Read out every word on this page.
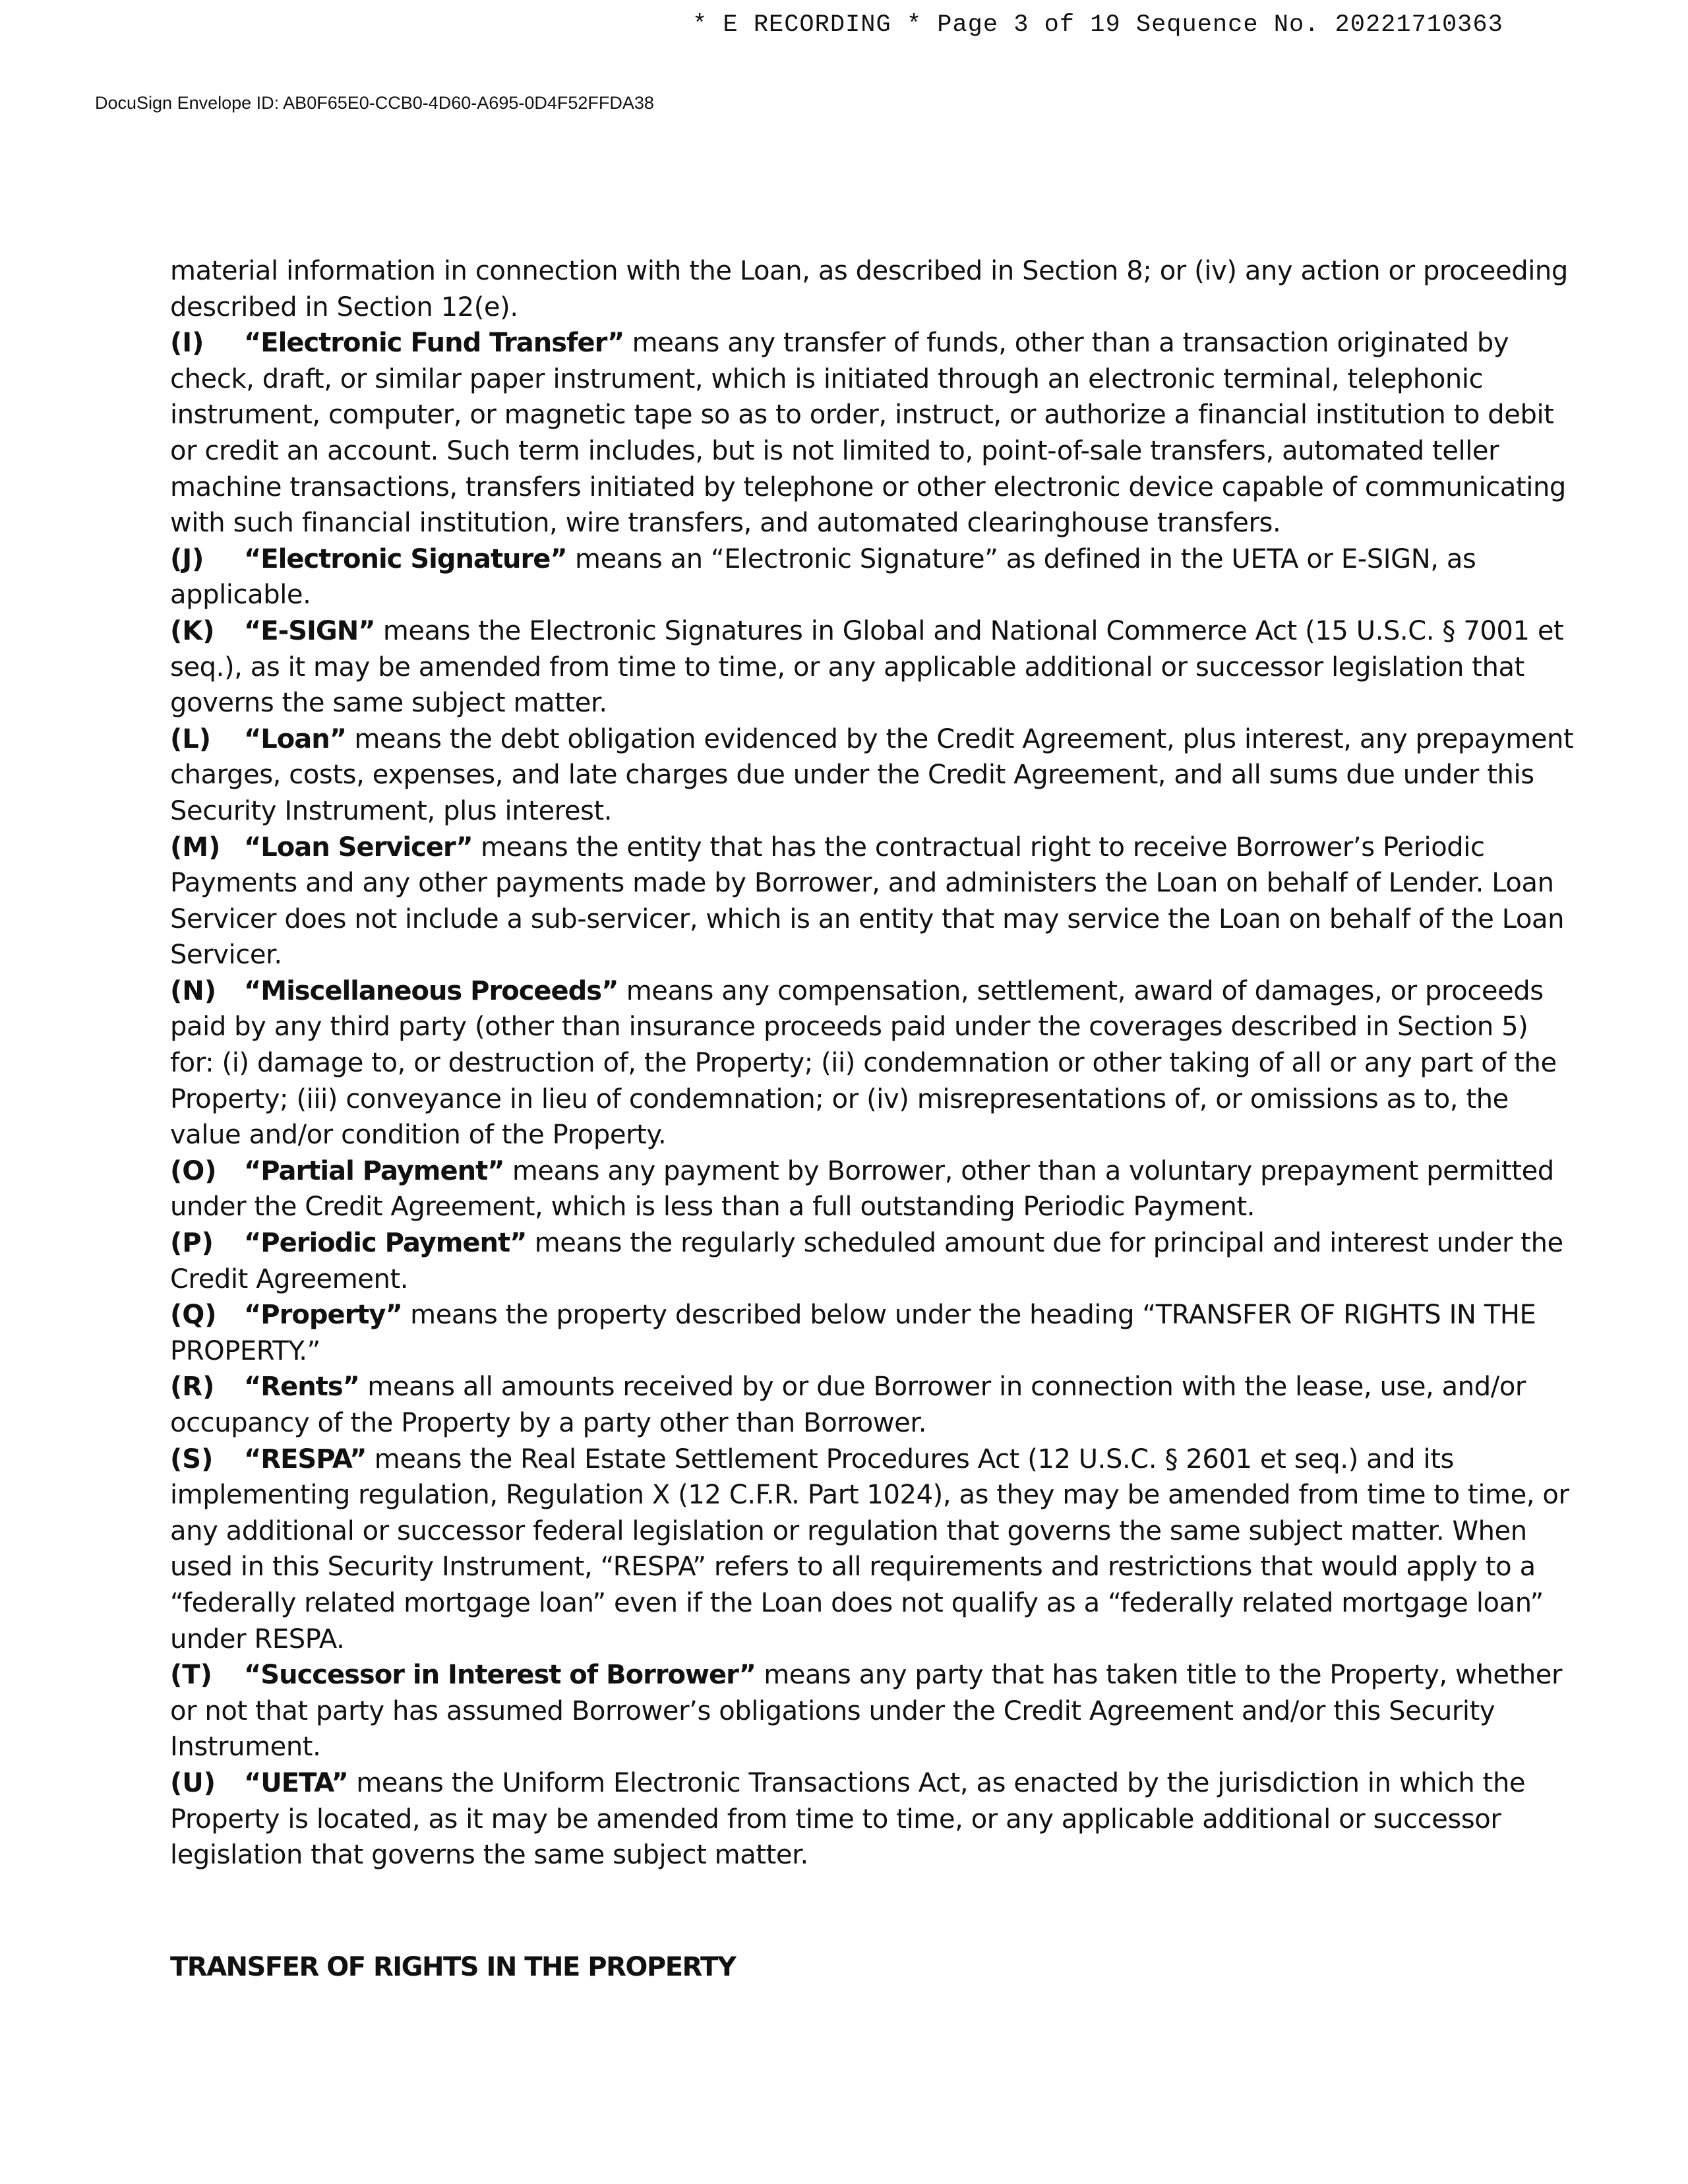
* E RECORDING * Page 3 of 19 Sequence No. 20221710363
DocuSign Envelope ID: AB0F65E0-CCB0-4D60-A695-0D4F52FFDA38

material information in connection with the Loan, as described in Section 8; or (iv) any action or proceeding described in Section 12(e).

(I) “Electronic Fund Transfer” means any transfer of funds, other than a transaction originated by check, draft, or similar paper instrument, which is initiated through an electronic terminal, telephonic instrument, computer, or magnetic tape so as to order, instruct, or authorize a financial institution to debit or credit an account. Such term includes, but is not limited to, point-of-sale transfers, automated teller machine transactions, transfers initiated by telephone or other electronic device capable of communicating with such financial institution, wire transfers, and automated clearinghouse transfers.

(J) “Electronic Signature” means an “Electronic Signature” as defined in the UETA or E-SIGN, as applicable.

(K) “E-SIGN” means the Electronic Signatures in Global and National Commerce Act (15 U.S.C. § 7001 et seq.), as it may be amended from time to time, or any applicable additional or successor legislation that governs the same subject matter.

(L) “Loan” means the debt obligation evidenced by the Credit Agreement, plus interest, any prepayment charges, costs, expenses, and late charges due under the Credit Agreement, and all sums due under this Security Instrument, plus interest.

(M) “Loan Servicer” means the entity that has the contractual right to receive Borrower’s Periodic Payments and any other payments made by Borrower, and administers the Loan on behalf of Lender. Loan Servicer does not include a sub-servicer, which is an entity that may service the Loan on behalf of the Loan Servicer.

(N) “Miscellaneous Proceeds” means any compensation, settlement, award of damages, or proceeds paid by any third party (other than insurance proceeds paid under the coverages described in Section 5) for: (i) damage to, or destruction of, the Property; (ii) condemnation or other taking of all or any part of the Property; (iii) conveyance in lieu of condemnation; or (iv) misrepresentations of, or omissions as to, the value and/or condition of the Property.

(O) “Partial Payment” means any payment by Borrower, other than a voluntary prepayment permitted under the Credit Agreement, which is less than a full outstanding Periodic Payment.

(P) “Periodic Payment” means the regularly scheduled amount due for principal and interest under the Credit Agreement.

(Q) “Property” means the property described below under the heading “TRANSFER OF RIGHTS IN THE PROPERTY.”

(R) “Rents” means all amounts received by or due Borrower in connection with the lease, use, and/or occupancy of the Property by a party other than Borrower.

(S) “RESPA” means the Real Estate Settlement Procedures Act (12 U.S.C. § 2601 et seq.) and its implementing regulation, Regulation X (12 C.F.R. Part 1024), as they may be amended from time to time, or any additional or successor federal legislation or regulation that governs the same subject matter. When used in this Security Instrument, “RESPA” refers to all requirements and restrictions that would apply to a “federally related mortgage loan” even if the Loan does not qualify as a “federally related mortgage loan” under RESPA.

(T) “Successor in Interest of Borrower” means any party that has taken title to the Property, whether or not that party has assumed Borrower’s obligations under the Credit Agreement and/or this Security Instrument.

(U) “UETA” means the Uniform Electronic Transactions Act, as enacted by the jurisdiction in which the Property is located, as it may be amended from time to time, or any applicable additional or successor legislation that governs the same subject matter.

TRANSFER OF RIGHTS IN THE PROPERTY
